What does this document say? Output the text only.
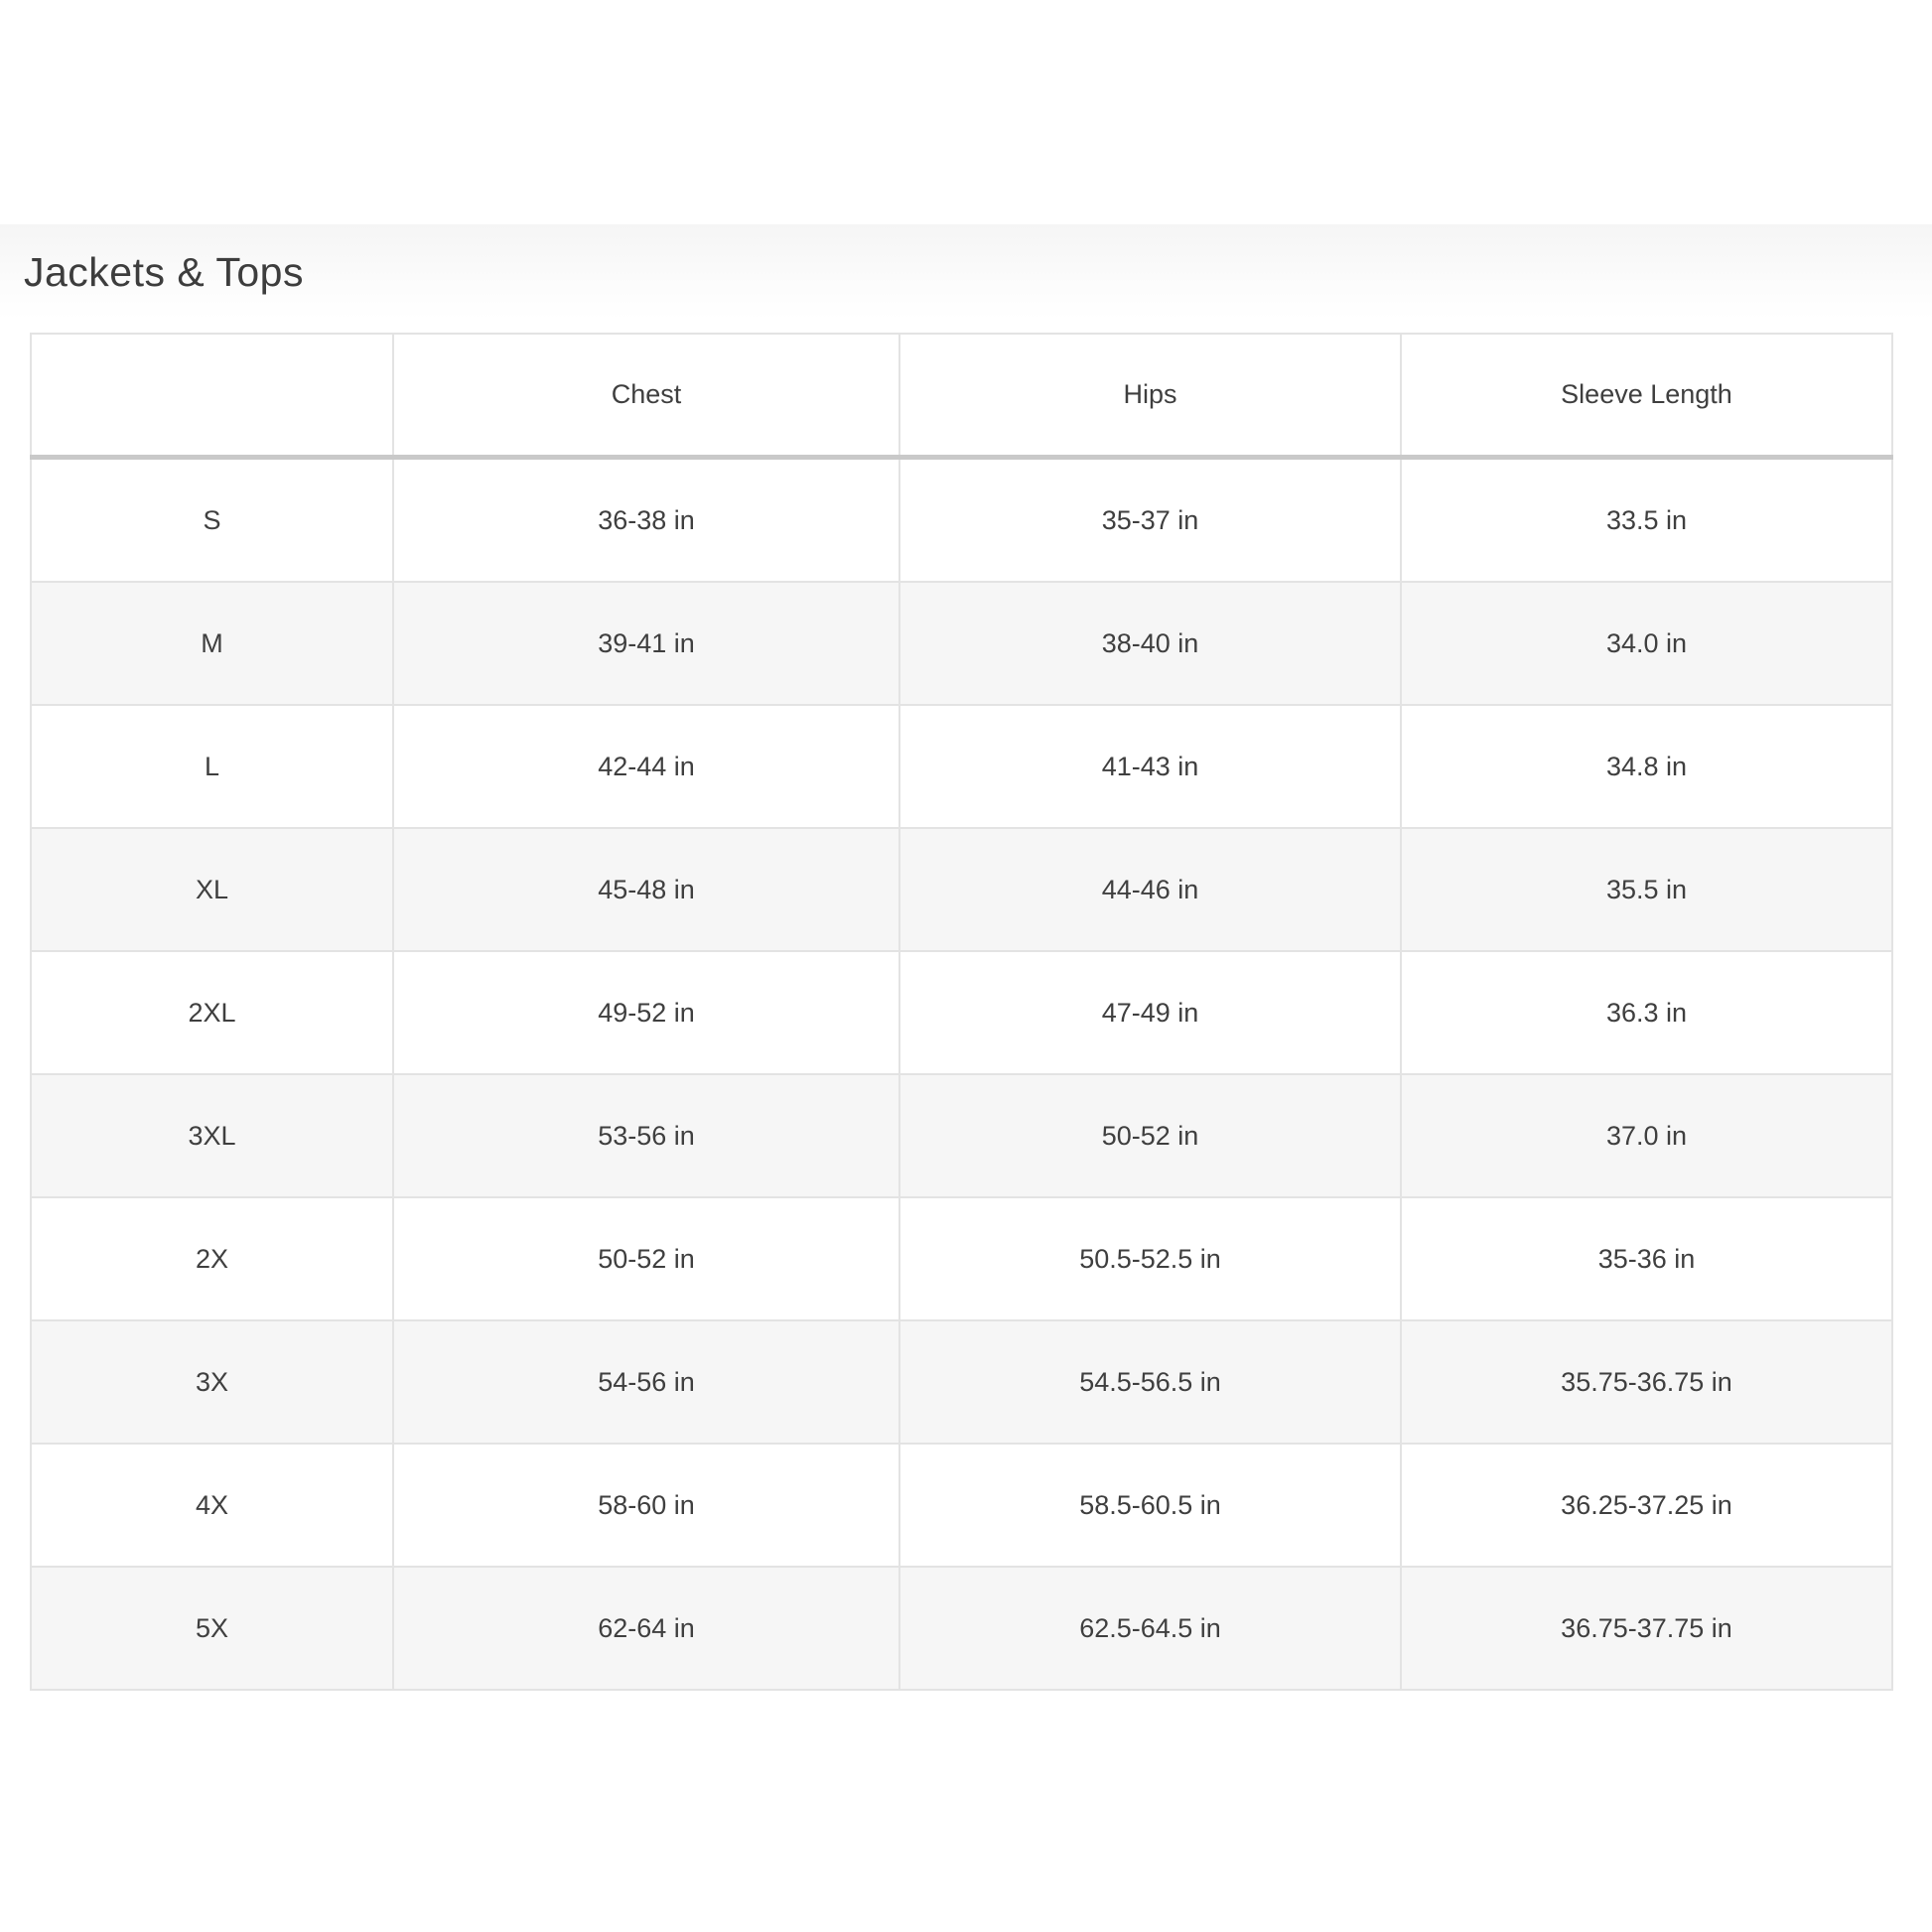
Jackets & Tops
	Chest	Hips	Sleeve Length
S	36-38 in	35-37 in	33.5 in
M	39-41 in	38-40 in	34.0 in
L	42-44 in	41-43 in	34.8 in
XL	45-48 in	44-46 in	35.5 in
2XL	49-52 in	47-49 in	36.3 in
3XL	53-56 in	50-52 in	37.0 in
2X	50-52 in	50.5-52.5 in	35-36 in
3X	54-56 in	54.5-56.5 in	35.75-36.75 in
4X	58-60 in	58.5-60.5 in	36.25-37.25 in
5X	62-64 in	62.5-64.5 in	36.75-37.75 in
